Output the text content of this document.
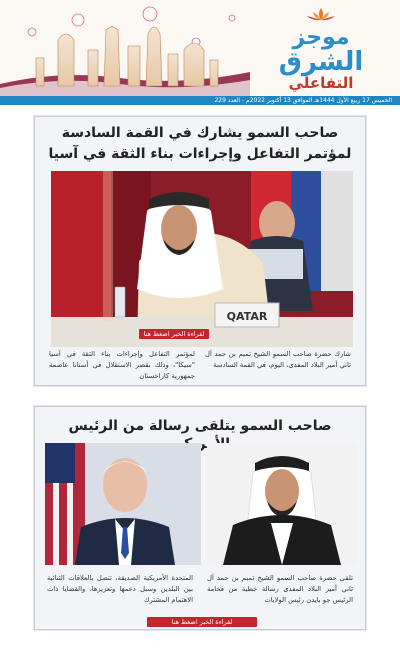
موجز
الشرق
التفاعلي
الخميس 17 ربيع الأول 1444هـ الموافق 13 أكتوبر 2022م - العدد 229
صاحب السمو يشارك في القمة السادسة لمؤتمر التفاعل وإجراءات بناء الثقة في آسيا
QATAR
لقراءة الخبر اضغط هنا
شارك حضرة صاحب السمو الشيخ تميم بن حمد آل ثاني أمير البلاد المفدى، اليوم، في القمة السادسة
لمؤتمر التفاعل وإجراءات بناء الثقة في آسيا "سيكا"، وذلك بقصر الاستقلال في أستانا عاصمة جمهورية كازاخستان
صاحب السمو يتلقى رسالة من الرئيس
لقراءة الخبر اضغط هنا
تلقى حضرة صاحب السمو الشيخ تميم بن حمد آل ثاني أمير البلاد المفدى رسالة خطية من فخامة الرئيس جو بايدن رئيس الولايات
المتحدة الأمريكية الصديقة، تتصل بالعلاقات الثنائية بين البلدين وسبل دعمها وتعزيزها، والقضايا ذات الاهتمام المشترك
